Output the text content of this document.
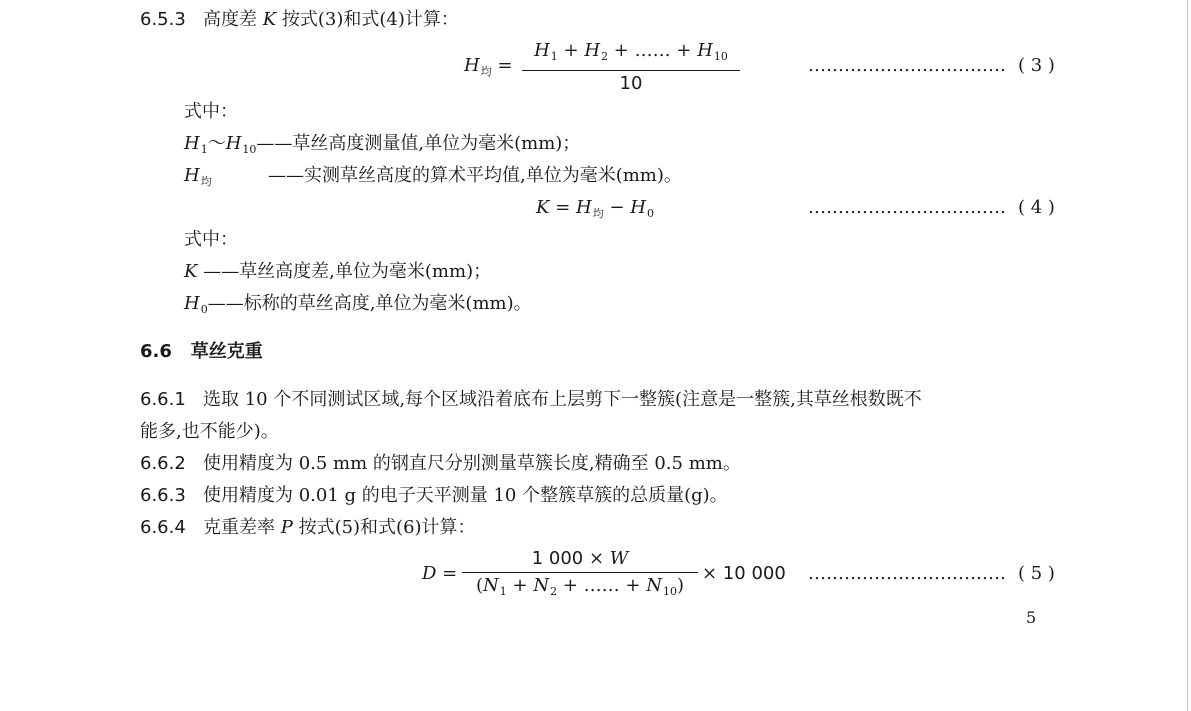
6.5.3 高度差 K 按式(3)和式(4)计算：
$H_均$ =
$H_1 + H_2$ + …… + $H_{10}$
10
…………………………… ( 3 )
式中：
$H_1\sim H_{10}——$草丝高度测量值,单位为毫米(mm)；
$H_均$	——实测草丝高度的算术平均值,单位为毫米(mm)。
$K = H_均 - H_0$	…………………………… ( 4 )
式中：
K ——草丝高度差,单位为毫米(mm)；
$H_0——$标称的草丝高度,单位为毫米(mm)。
6.6 草丝克重
6.6.1 选取 10 个不同测试区域,每个区域沿着底布上层剪下一整簇(注意是一整簇,其草丝根数既不
能多,也不能少)。
6.6.2 使用精度为 0.5 mm 的钢直尺分别测量草簇长度,精确至 0.5 mm。
6.6.3 使用精度为 0.01 g 的电子天平测量 10 个整簇草簇的总质量(g)。
6.6.4 克重差率 P 按式(5)和式(6)计算：
D =
1 000 × W
($N_1 + N_2$ + …… + $N_{10}$)
× 10 000 …………………………… ( 5 )
5
